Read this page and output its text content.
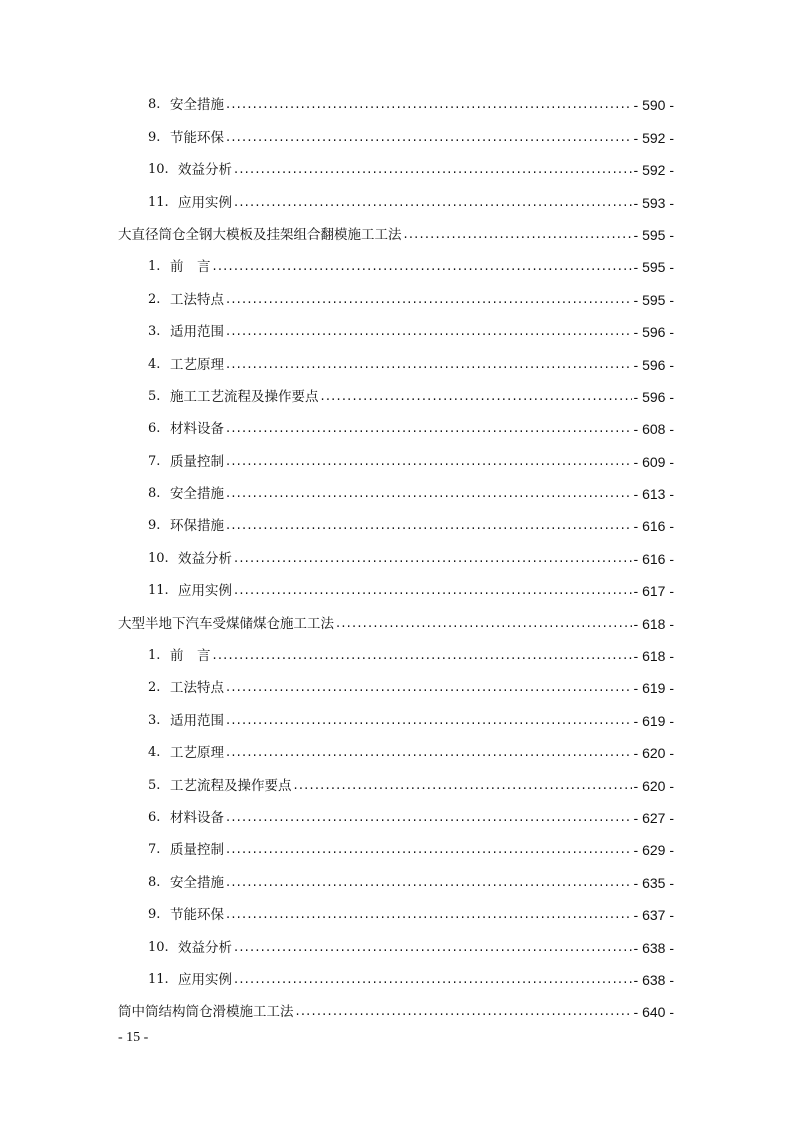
8. 安全措施 .....	- 590 -
9. 节能环保 .....	- 592 -
10. 效益分析 .....	- 592 -
11. 应用实例 .....	- 593 -
大直径筒仓全钢大模板及挂架组合翻模施工工法 .....	- 595 -
1. 前　言 .....	- 595 -
2. 工法特点 .....	- 595 -
3. 适用范围 .....	- 596 -
4. 工艺原理 .....	- 596 -
5. 施工工艺流程及操作要点 .....	- 596 -
6. 材料设备 .....	- 608 -
7. 质量控制 .....	- 609 -
8. 安全措施 .....	- 613 -
9. 环保措施 .....	- 616 -
10. 效益分析 .....	- 616 -
11. 应用实例 .....	- 617 -
大型半地下汽车受煤储煤仓施工工法 .....	- 618 -
1. 前　言 .....	- 618 -
2. 工法特点 .....	- 619 -
3. 适用范围 .....	- 619 -
4. 工艺原理 .....	- 620 -
5. 工艺流程及操作要点 .....	- 620 -
6. 材料设备 .....	- 627 -
7. 质量控制 .....	- 629 -
8. 安全措施 .....	- 635 -
9. 节能环保 .....	- 637 -
10. 效益分析 .....	- 638 -
11. 应用实例 .....	- 638 -
筒中筒结构筒仓滑模施工工法 .....	- 640 -
- 15 -
